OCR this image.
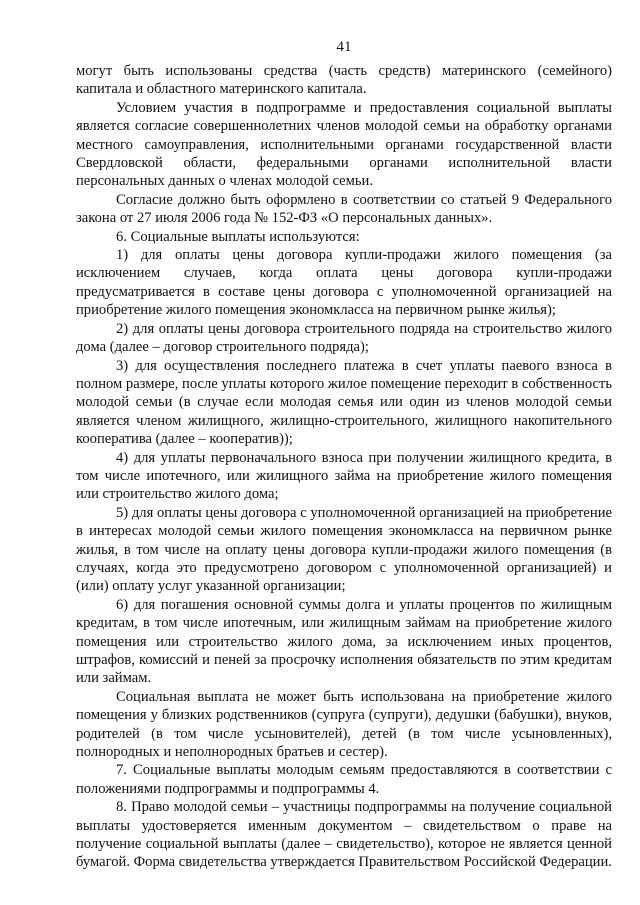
41

могут быть использованы средства (часть средств) материнского (семейного) капитала и областного материнского капитала.

Условием участия в подпрограмме и предоставления социальной выплаты является согласие совершеннолетних членов молодой семьи на обработку органами местного самоуправления, исполнительными органами государственной власти Свердловской области, федеральными органами исполнительной власти персональных данных о членах молодой семьи.

Согласие должно быть оформлено в соответствии со статьей 9 Федерального закона от 27 июля 2006 года № 152-ФЗ «О персональных данных».

6. Социальные выплаты используются:

1) для оплаты цены договора купли-продажи жилого помещения (за исключением случаев, когда оплата цены договора купли-продажи предусматривается в составе цены договора с уполномоченной организацией на приобретение жилого помещения экономкласса на первичном рынке жилья);

2) для оплаты цены договора строительного подряда на строительство жилого дома (далее – договор строительного подряда);

3) для осуществления последнего платежа в счет уплаты паевого взноса в полном размере, после уплаты которого жилое помещение переходит в собственность молодой семьи (в случае если молодая семья или один из членов молодой семьи является членом жилищного, жилищно-строительного, жилищного накопительного кооператива (далее – кооператив));

4) для уплаты первоначального взноса при получении жилищного кредита, в том числе ипотечного, или жилищного займа на приобретение жилого помещения или строительство жилого дома;

5) для оплаты цены договора с уполномоченной организацией на приобретение в интересах молодой семьи жилого помещения экономкласса на первичном рынке жилья, в том числе на оплату цены договора купли-продажи жилого помещения (в случаях, когда это предусмотрено договором с уполномоченной организацией) и (или) оплату услуг указанной организации;

6) для погашения основной суммы долга и уплаты процентов по жилищным кредитам, в том числе ипотечным, или жилищным займам на приобретение жилого помещения или строительство жилого дома, за исключением иных процентов, штрафов, комиссий и пеней за просрочку исполнения обязательств по этим кредитам или займам.

Социальная выплата не может быть использована на приобретение жилого помещения у близких родственников (супруга (супруги), дедушки (бабушки), внуков, родителей (в том числе усыновителей), детей (в том числе усыновленных), полнородных и неполнородных братьев и сестер).

7. Социальные выплаты молодым семьям предоставляются в соответствии с положениями подпрограммы и подпрограммы 4.

8. Право молодой семьи – участницы подпрограммы на получение социальной выплаты удостоверяется именным документом – свидетельством о праве на получение социальной выплаты (далее – свидетельство), которое не является ценной бумагой. Форма свидетельства утверждается Правительством Российской Федерации.
